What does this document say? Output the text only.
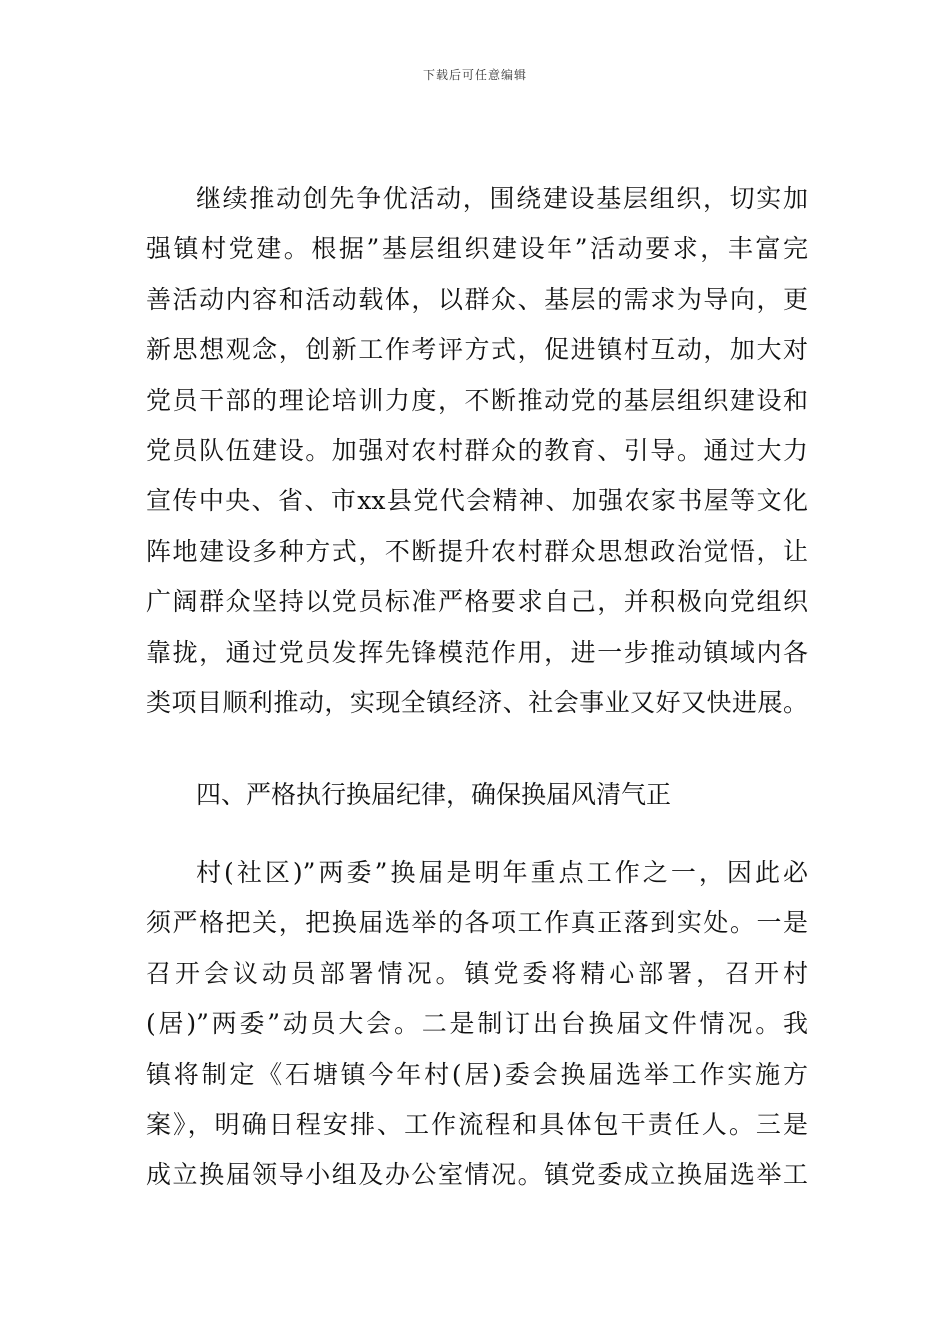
下载后可任意编辑
继续推动创先争优活动，围绕建设基层组织，切实加
强镇村党建。根据”基层组织建设年”活动要求，丰富完
善活动内容和活动载体，以群众、基层的需求为导向，更
新思想观念，创新工作考评方式，促进镇村互动，加大对
党员干部的理论培训力度，不断推动党的基层组织建设和
党员队伍建设。加强对农村群众的教育、引导。通过大力
宣传中央、省、市xx县党代会精神、加强农家书屋等文化
阵地建设多种方式，不断提升农村群众思想政治觉悟，让
广阔群众坚持以党员标准严格要求自己，并积极向党组织
靠拢，通过党员发挥先锋模范作用，进一步推动镇域内各
类项目顺利推动，实现全镇经济、社会事业又好又快进展。
四、严格执行换届纪律，确保换届风清气正
村(社区)”两委”换届是明年重点工作之一，因此必
须严格把关，把换届选举的各项工作真正落到实处。一是
召开会议动员部署情况。镇党委将精心部署，召开村
(居)”两委”动员大会。二是制订出台换届文件情况。我
镇将制定《石塘镇今年村(居)委会换届选举工作实施方
案》，明确日程安排、工作流程和具体包干责任人。三是
成立换届领导小组及办公室情况。镇党委成立换届选举工
